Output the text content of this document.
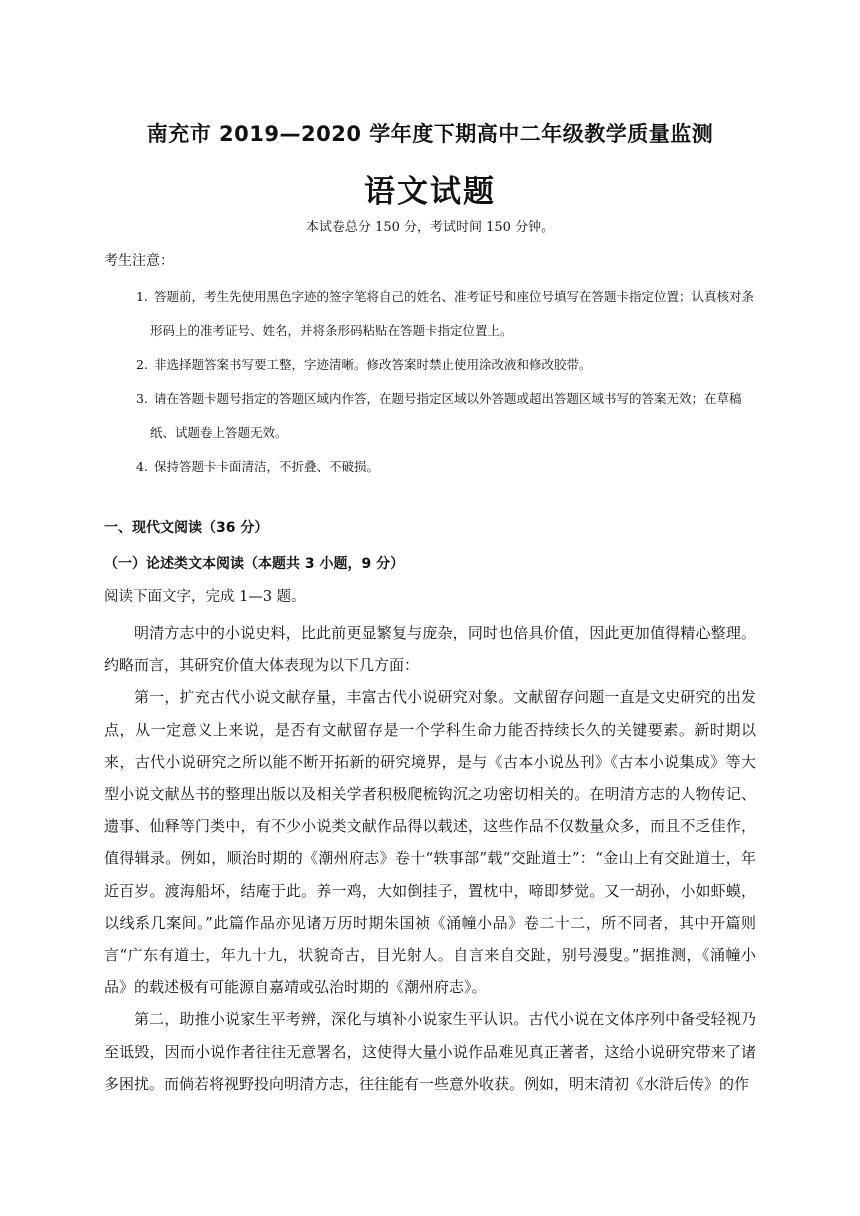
南充市 2019—2020 学年度下期高中二年级教学质量监测
语文试题
本试卷总分 150 分，考试时间 150 分钟。
考生注意：
1. 答题前，考生先使用黑色字迹的签字笔将自己的姓名、准考证号和座位号填写在答题卡指定位置；认真核对条形码上的准考证号、姓名，并将条形码粘贴在答题卡指定位置上。
2. 非选择题答案书写要工整，字迹清晰。修改答案时禁止使用涂改液和修改胶带。
3. 请在答题卡题号指定的答题区域内作答，在题号指定区域以外答题或超出答题区域书写的答案无效；在草稿纸、试题卷上答题无效。
4. 保持答题卡卡面清洁，不折叠、不破损。
一、现代文阅读（36 分）
（一）论述类文本阅读（本题共 3 小题，9 分）
阅读下面文字，完成 1—3 题。

明清方志中的小说史料，比此前更显繁复与庞杂，同时也倍具价值，因此更加值得精心整理。约略而言，其研究价值大体表现为以下几方面：

第一，扩充古代小说文献存量，丰富古代小说研究对象。文献留存问题一直是文史研究的出发点，从一定意义上来说，是否有文献留存是一个学科生命力能否持续长久的关键要素。新时期以来，古代小说研究之所以能不断开拓新的研究境界，是与《古本小说丛刊》《古本小说集成》等大型小说文献丛书的整理出版以及相关学者积极爬梳钩沉之功密切相关的。在明清方志的人物传记、遗事、仙释等门类中，有不少小说类文献作品得以载述，这些作品不仅数量众多，而且不乏佳作，值得辑录。例如，顺治时期的《潮州府志》卷十“轶事部”载“交趾道士”：“金山上有交趾道士，年近百岁。渡海船坏，结庵于此。养一鸡，大如倒挂子，置枕中，啼即梦觉。又一胡孙，小如虾蟆，以线系几案间。”此篇作品亦见诸万历时期朱国祯《涌幢小品》卷二十二，所不同者，其中开篇则言“广东有道士，年九十九，状貌奇古，目光射人。自言来自交趾，别号漫叟。”据推测，《涌幢小品》的载述极有可能源自嘉靖或弘治时期的《潮州府志》。

第二，助推小说家生平考辨，深化与填补小说家生平认识。古代小说在文体序列中备受轻视乃至诋毁，因而小说作者往往无意署名，这使得大量小说作品难见真正著者，这给小说研究带来了诸多困扰。而倘若将视野投向明清方志，往往能有一些意外收获。例如，明末清初《水浒后传》的作
